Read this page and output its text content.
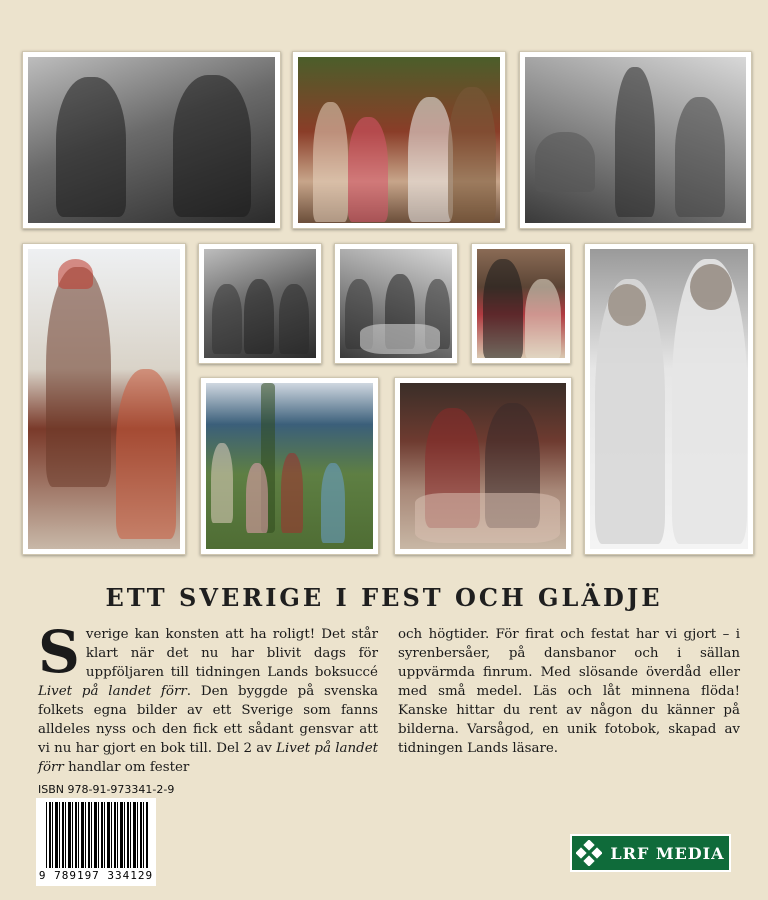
ETT SVERIGE I FEST OCH GLÄDJE
Sverige kan konsten att ha roligt! Det står klart när det nu har blivit dags för uppföljaren till tidningen Lands boksuccé Livet på landet förr. Den byggde på svenska folkets egna bilder av ett Sverige som fanns alldeles nyss och den fick ett sådant gensvar att vi nu har gjort en bok till. Del 2 av Livet på landet förr handlar om fester
och högtider. För firat och festat har vi gjort – i syrenbersåer, på dansbanor och i sällan uppvärmda finrum. Med slösande överdåd eller med små medel. Läs och låt minnena flöda! Kanske hittar du rent av någon du känner på bilderna. Varsågod, en unik fotobok, skapad av tidningen Lands läsare.
ISBN 978-91-973341-2-9
9 789197 334129
LRF MEDIA
